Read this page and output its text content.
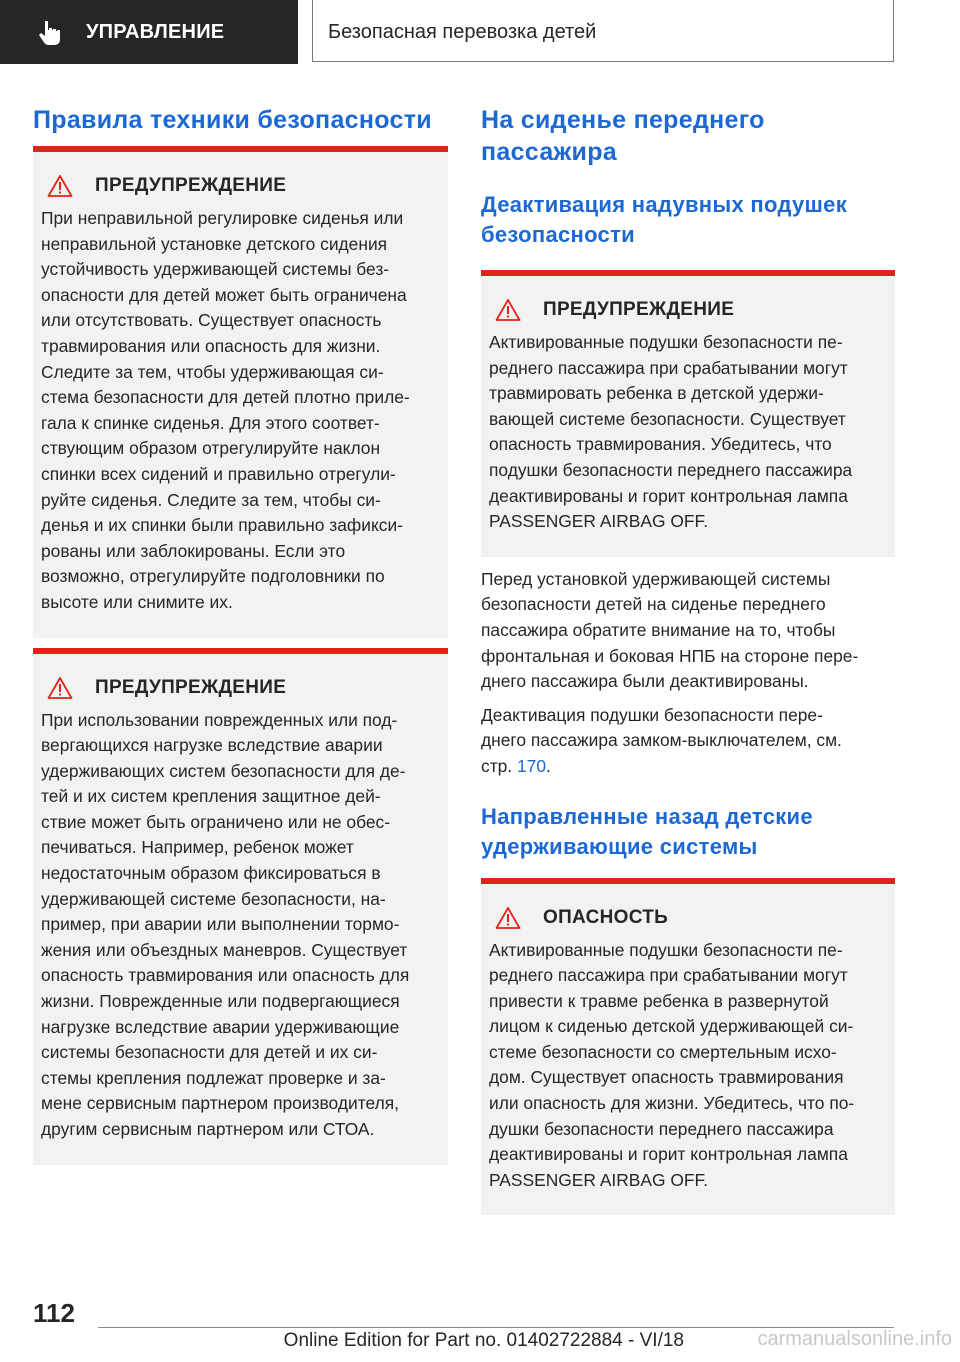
УПРАВЛЕНИЕ	Безопасная перевозка детей
Правила техники безопасности
ПРЕДУПРЕЖДЕНИЕ
При неправильной регулировке сиденья или
неправильной установке детского сидения
устойчивость удерживающей системы без-
опасности для детей может быть ограничена
или отсутствовать. Существует опасность
травмирования или опасность для жизни.
Следите за тем, чтобы удерживающая си-
стема безопасности для детей плотно приле-
гала к спинке сиденья. Для этого соответ-
ствующим образом отрегулируйте наклон
спинки всех сидений и правильно отрегули-
руйте сиденья. Следите за тем, чтобы си-
денья и их спинки были правильно зафикси-
рованы или заблокированы. Если это
возможно, отрегулируйте подголовники по
высоте или снимите их.
ПРЕДУПРЕЖДЕНИЕ
При использовании поврежденных или под-
вергающихся нагрузке вследствие аварии
удерживающих систем безопасности для де-
тей и их систем крепления защитное дей-
ствие может быть ограничено или не обес-
печиваться. Например, ребенок может
недостаточным образом фиксироваться в
удерживающей системе безопасности, на-
пример, при аварии или выполнении тормо-
жения или объездных маневров. Существует
опасность травмирования или опасность для
жизни. Поврежденные или подвергающиеся
нагрузке вследствие аварии удерживающие
системы безопасности для детей и их си-
стемы крепления подлежат проверке и за-
мене сервисным партнером производителя,
другим сервисным партнером или СТОА.
На сиденье переднего
пассажира
Деактивация надувных подушек
безопасности
ПРЕДУПРЕЖДЕНИЕ
Активированные подушки безопасности пе-
реднего пассажира при срабатывании могут
травмировать ребенка в детской удержи-
вающей системе безопасности. Существует
опасность травмирования. Убедитесь, что
подушки безопасности переднего пассажира
деактивированы и горит контрольная лампа
PASSENGER AIRBAG OFF.

Перед установкой удерживающей системы
безопасности детей на сиденье переднего
пассажира обратите внимание на то, чтобы
фронтальная и боковая НПБ на стороне пере-
днего пассажира были деактивированы.

Деактивация подушки безопасности пере-
днего пассажира замком-выключателем, см.
стр. 170.

Направленные назад детские
удерживающие системы
ОПАСНОСТЬ
Активированные подушки безопасности пе-
реднего пассажира при срабатывании могут
привести к травме ребенка в развернутой
лицом к сиденью детской удерживающей си-
стеме безопасности со смертельным исхо-
дом. Существует опасность травмирования
или опасность для жизни. Убедитесь, что по-
душки безопасности переднего пассажира
деактивированы и горит контрольная лампа
PASSENGER AIRBAG OFF.
112
Online Edition for Part no. 01402722884 - VI/18	carmanualsonline.info
